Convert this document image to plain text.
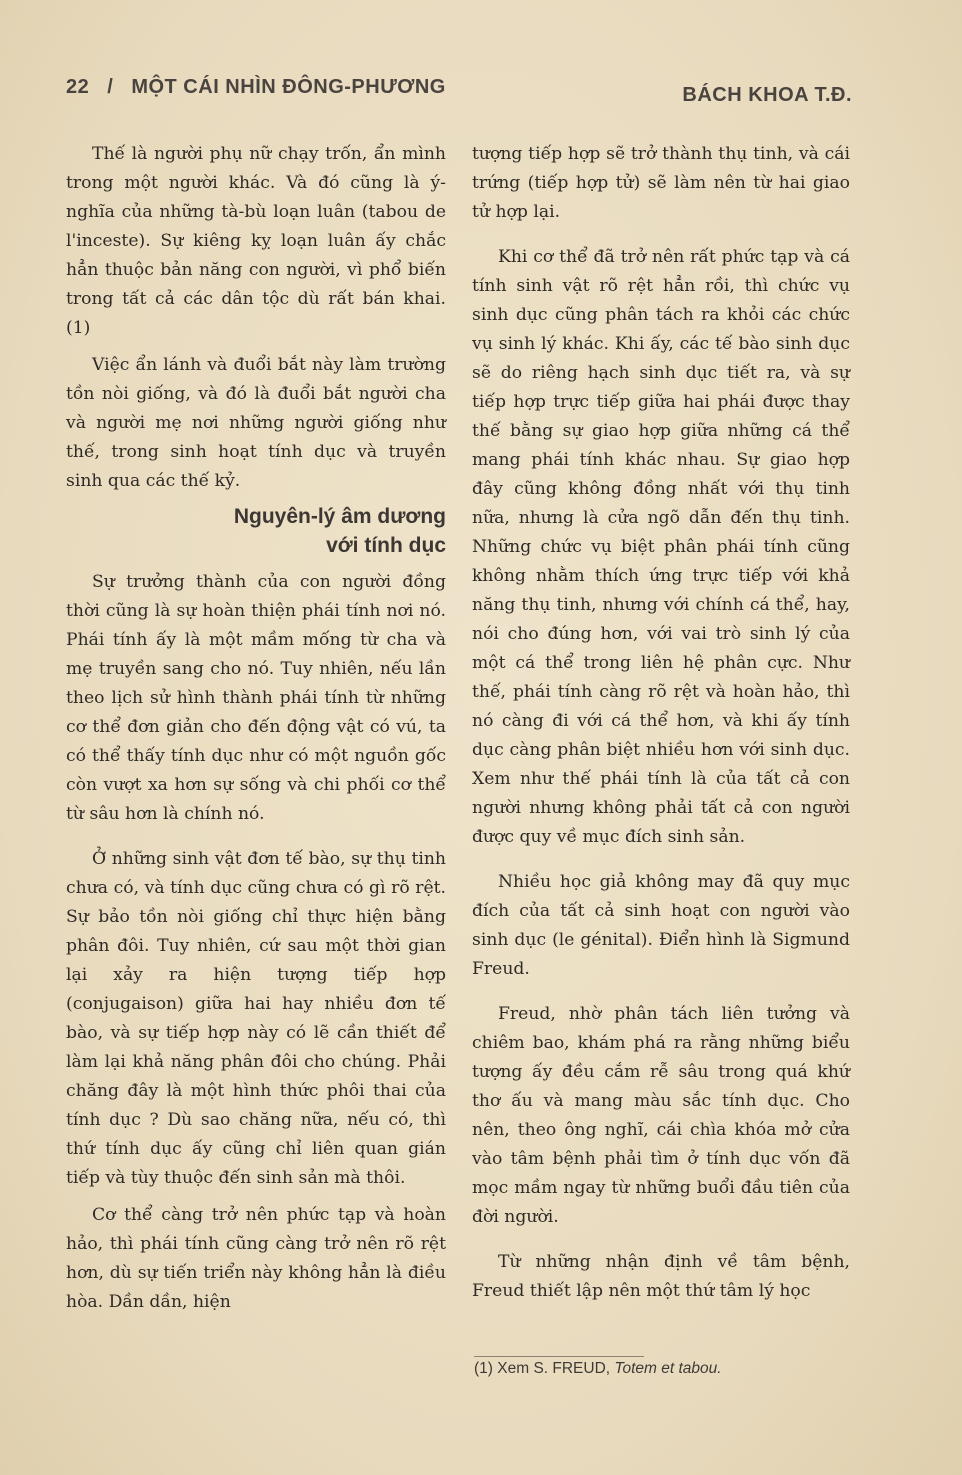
22 / MỘT CÁI NHÌN ĐÔNG-PHƯƠNG	BÁCH KHOA T.Đ.

Thế là người phụ nữ chạy trốn, ẩn mình trong một người khác. Và đó cũng là ý-nghĩa của những tà-bù loạn luân (tabou de l'inceste). Sự kiêng kỵ loạn luân ấy chắc hẳn thuộc bản năng con người, vì phổ biến trong tất cả các dân tộc dù rất bán khai. (1)

Việc ẩn lánh và đuổi bắt này làm trường tồn nòi giống, và đó là đuổi bắt người cha và người mẹ nơi những người giống như thế, trong sinh hoạt tính dục và truyền sinh qua các thế kỷ.

Nguyên-lý âm dương
với tính dục

Sự trưởng thành của con người đồng thời cũng là sự hoàn thiện phái tính nơi nó. Phái tính ấy là một mầm mống từ cha và mẹ truyền sang cho nó. Tuy nhiên, nếu lần theo lịch sử hình thành phái tính từ những cơ thể đơn giản cho đến động vật có vú, ta có thể thấy tính dục như có một nguồn gốc còn vượt xa hơn sự sống và chi phối cơ thể từ sâu hơn là chính nó.

Ở những sinh vật đơn tế bào, sự thụ tinh chưa có, và tính dục cũng chưa có gì rõ rệt. Sự bảo tồn nòi giống chỉ thực hiện bằng phân đôi. Tuy nhiên, cứ sau một thời gian lại xảy ra hiện tượng tiếp hợp (conjugaison) giữa hai hay nhiều đơn tế bào, và sự tiếp hợp này có lẽ cần thiết để làm lại khả năng phân đôi cho chúng. Phải chăng đây là một hình thức phôi thai của tính dục ? Dù sao chăng nữa, nếu có, thì thứ tính dục ấy cũng chỉ liên quan gián tiếp và tùy thuộc đến sinh sản mà thôi.

Cơ thể càng trở nên phức tạp và hoàn hảo, thì phái tính cũng càng trở nên rõ rệt hơn, dù sự tiến triển này không hẳn là điều hòa. Dần dần, hiện

tượng tiếp hợp sẽ trở thành thụ tinh, và cái trứng (tiếp hợp tử) sẽ làm nên từ hai giao tử hợp lại.

Khi cơ thể đã trở nên rất phức tạp và cá tính sinh vật rõ rệt hẳn rồi, thì chức vụ sinh dục cũng phân tách ra khỏi các chức vụ sinh lý khác. Khi ấy, các tế bào sinh dục sẽ do riêng hạch sinh dục tiết ra, và sự tiếp hợp trực tiếp giữa hai phái được thay thế bằng sự giao hợp giữa những cá thể mang phái tính khác nhau. Sự giao hợp đây cũng không đồng nhất với thụ tinh nữa, nhưng là cửa ngõ dẫn đến thụ tinh. Những chức vụ biệt phân phái tính cũng không nhằm thích ứng trực tiếp với khả năng thụ tinh, nhưng với chính cá thể, hay, nói cho đúng hơn, với vai trò sinh lý của một cá thể trong liên hệ phân cực. Như thế, phái tính càng rõ rệt và hoàn hảo, thì nó càng đi với cá thể hơn, và khi ấy tính dục càng phân biệt nhiều hơn với sinh dục. Xem như thế phái tính là của tất cả con người nhưng không phải tất cả con người được quy về mục đích sinh sản.

Nhiều học giả không may đã quy mục đích của tất cả sinh hoạt con người vào sinh dục (le génital). Điển hình là Sigmund Freud.

Freud, nhờ phân tách liên tưởng và chiêm bao, khám phá ra rằng những biểu tượng ấy đều cắm rễ sâu trong quá khứ thơ ấu và mang màu sắc tính dục. Cho nên, theo ông nghĩ, cái chìa khóa mở cửa vào tâm bệnh phải tìm ở tính dục vốn đã mọc mầm ngay từ những buổi đầu tiên của đời người.

Từ những nhận định về tâm bệnh, Freud thiết lập nên một thứ tâm lý học

(1) Xem S. FREUD, Totem et tabou.
